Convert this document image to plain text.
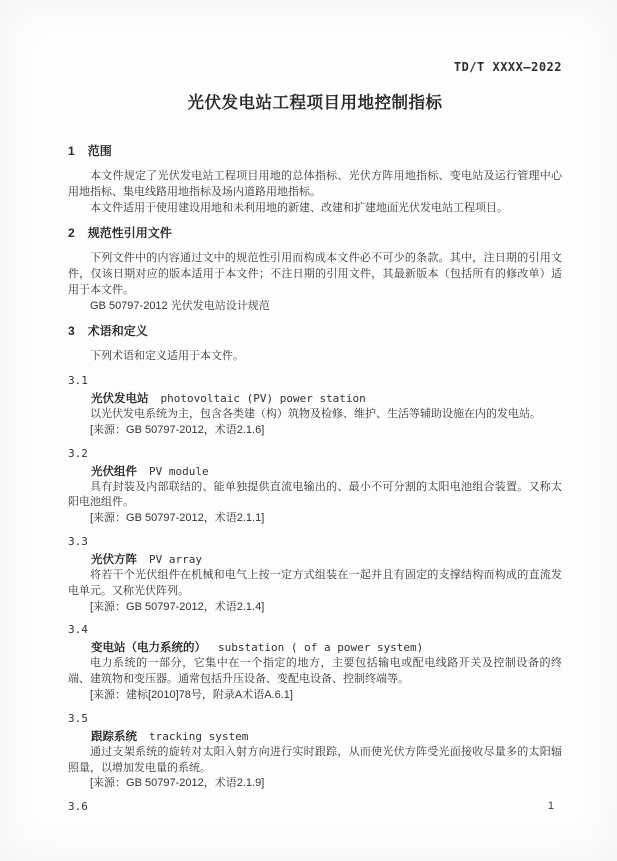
TD/T XXXX—2022
光伏发电站工程项目用地控制指标
1 范围
本文件规定了光伏发电站工程项目用地的总体指标、光伏方阵用地指标、变电站及运行管理中心用地指标、集电线路用地指标及场内道路用地指标。
本文件适用于使用建设用地和未利用地的新建、改建和扩建地面光伏发电站工程项目。
2 规范性引用文件
下列文件中的内容通过文中的规范性引用而构成本文件必不可少的条款。其中，注日期的引用文件，仅该日期对应的版本适用于本文件；不注日期的引用文件，其最新版本（包括所有的修改单）适用于本文件。
GB 50797-2012 光伏发电站设计规范
3 术语和定义
下列术语和定义适用于本文件。
3.1
光伏发电站 photovoltaic (PV) power station
以光伏发电系统为主，包含各类建（构）筑物及检修、维护、生活等辅助设施在内的发电站。
[来源：GB 50797-2012，术语2.1.6]
3.2
光伏组件 PV module
具有封装及内部联结的、能单独提供直流电输出的、最小不可分割的太阳电池组合装置。又称太阳电池组件。
[来源：GB 50797-2012，术语2.1.1]
3.3
光伏方阵 PV array
将若干个光伏组件在机械和电气上按一定方式组装在一起并且有固定的支撑结构而构成的直流发电单元。又称光伏阵列。
[来源：GB 50797-2012，术语2.1.4]
3.4
变电站（电力系统的） substation ( of a power system)
电力系统的一部分，它集中在一个指定的地方，主要包括输电或配电线路开关及控制设备的终端、建筑物和变压器。通常包括升压设备、变配电设备、控制终端等。
[来源：建标[2010]78号，附录A术语A.6.1]
3.5
跟踪系统 tracking system
通过支架系统的旋转对太阳入射方向进行实时跟踪，从而使光伏方阵受光面接收尽量多的太阳辐照量，以增加发电量的系统。
[来源：GB 50797-2012，术语2.1.9]
3.6	1
